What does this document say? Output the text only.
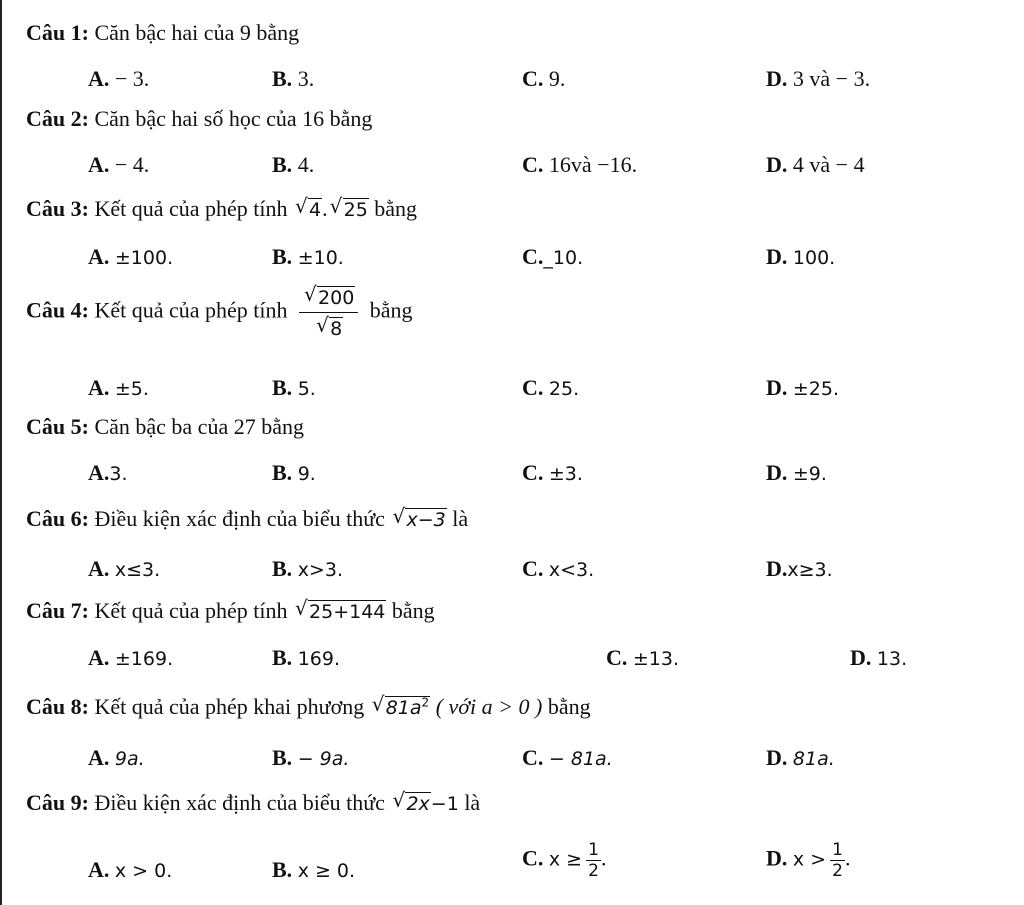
Câu 1: Căn bậc hai của 9 bằng
A. − 3.	B. 3.	C. 9.	D. 3 và − 3.
Câu 2: Căn bậc hai số học của 16 bằng
A. − 4.	B. 4.	C. 16và −16.	D. 4 và − 4
Câu 3: Kết quả của phép tính √ 4. √ 25 bằng
A. ±100.	B. ±10.	C._10.	D. 100.
Câu 4: Kết quả của phép tính √ 200
√ 8 bằng
A. ±5.	B. 5.	C. 25.	D. ±25.
Câu 5: Căn bậc ba của 27 bằng
A.3.	B. 9.	C. ±3.	D. ±9.
Câu 6: Điều kiện xác định của biểu thức √ x−3 là
A. x≤3.	B. x>3.	C. x<3.	D.x≥3.
Câu 7: Kết quả của phép tính √ 25+144 bằng
A. ±169.	B. 169.	C. ±13.	D. 13.
Câu 8: Kết quả của phép khai phương √ $81a^2$ ( với a > 0 ) bằng
A. 9a.	B. − 9a.	C. − 81a.	D. 81a.
Câu 9: Điều kiện xác định của biểu thức √ 2x−1 là
A. x > 0.	B. x ≥ 0.
C. $x \ge \frac{1}{2}$ .	D. $x > \frac{1}{2}$ .
